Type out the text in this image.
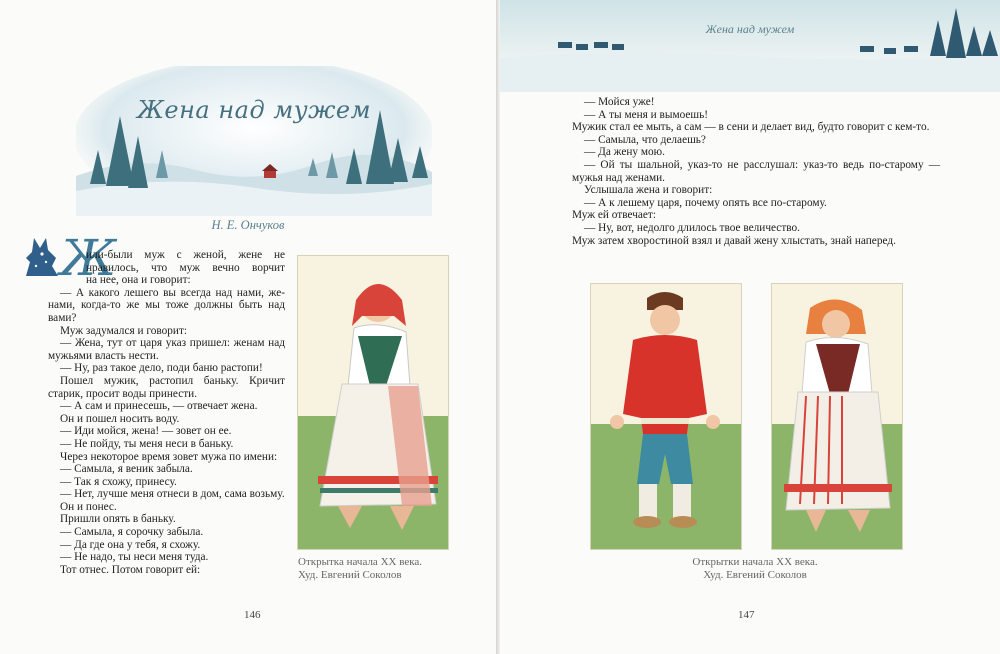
Жена над мужем
Н. Е. Ончуков
Ж

или-были муж с женой, жене не

нравилось, что муж вечно ворчит

на нее, она и говорит:

— А какого лешего вы всегда над нами, же-нами, когда-то же мы тоже должны быть над вами?

Муж задумался и говорит:

— Жена, тут от царя указ пришел: женам над мужьями власть нести.

— Ну, раз такое дело, поди баню растопи!

Пошел мужик, растопил баньку. Кричит старик, просит воды принести.

— А сам и принесешь, — отвечает жена.

Он и пошел носить воду.

— Иди мойся, жена! — зовет он ее.

— Не пойду, ты меня неси в баньку.

Через некоторое время зовет мужа по имени:

— Самыла, я веник забыла.

— Так я схожу, принесу.

— Нет, лучше меня отнеси в дом, сама возьму.

Он и понес.

Пришли опять в баньку.

— Самыла, я сорочку забыла.

— Да где она у тебя, я схожу.

— Не надо, ты неси меня туда.

Тот отнес. Потом говорит ей:

Открытка начала XX века.
Худ. Евгений Соколов
146
Жена над мужем

— Мойся уже!

— А ты меня и вымоешь!

Мужик стал ее мыть, а сам — в сени и делает вид, будто говорит с кем-то.

— Самыла, что делаешь?

— Да жену мою.

— Ой ты шальной, указ-то не расслушал: указ-то ведь по-старому — мужья над женами.

Услышала жена и говорит:

— А к лешему царя, почему опять все по-старому.

Муж ей отвечает:

— Ну, вот, недолго длилось твое величество.

Муж затем хворостиной взял и давай жену хлыстать, знай наперед.

Открытки начала XX века.
Худ. Евгений Соколов
147
